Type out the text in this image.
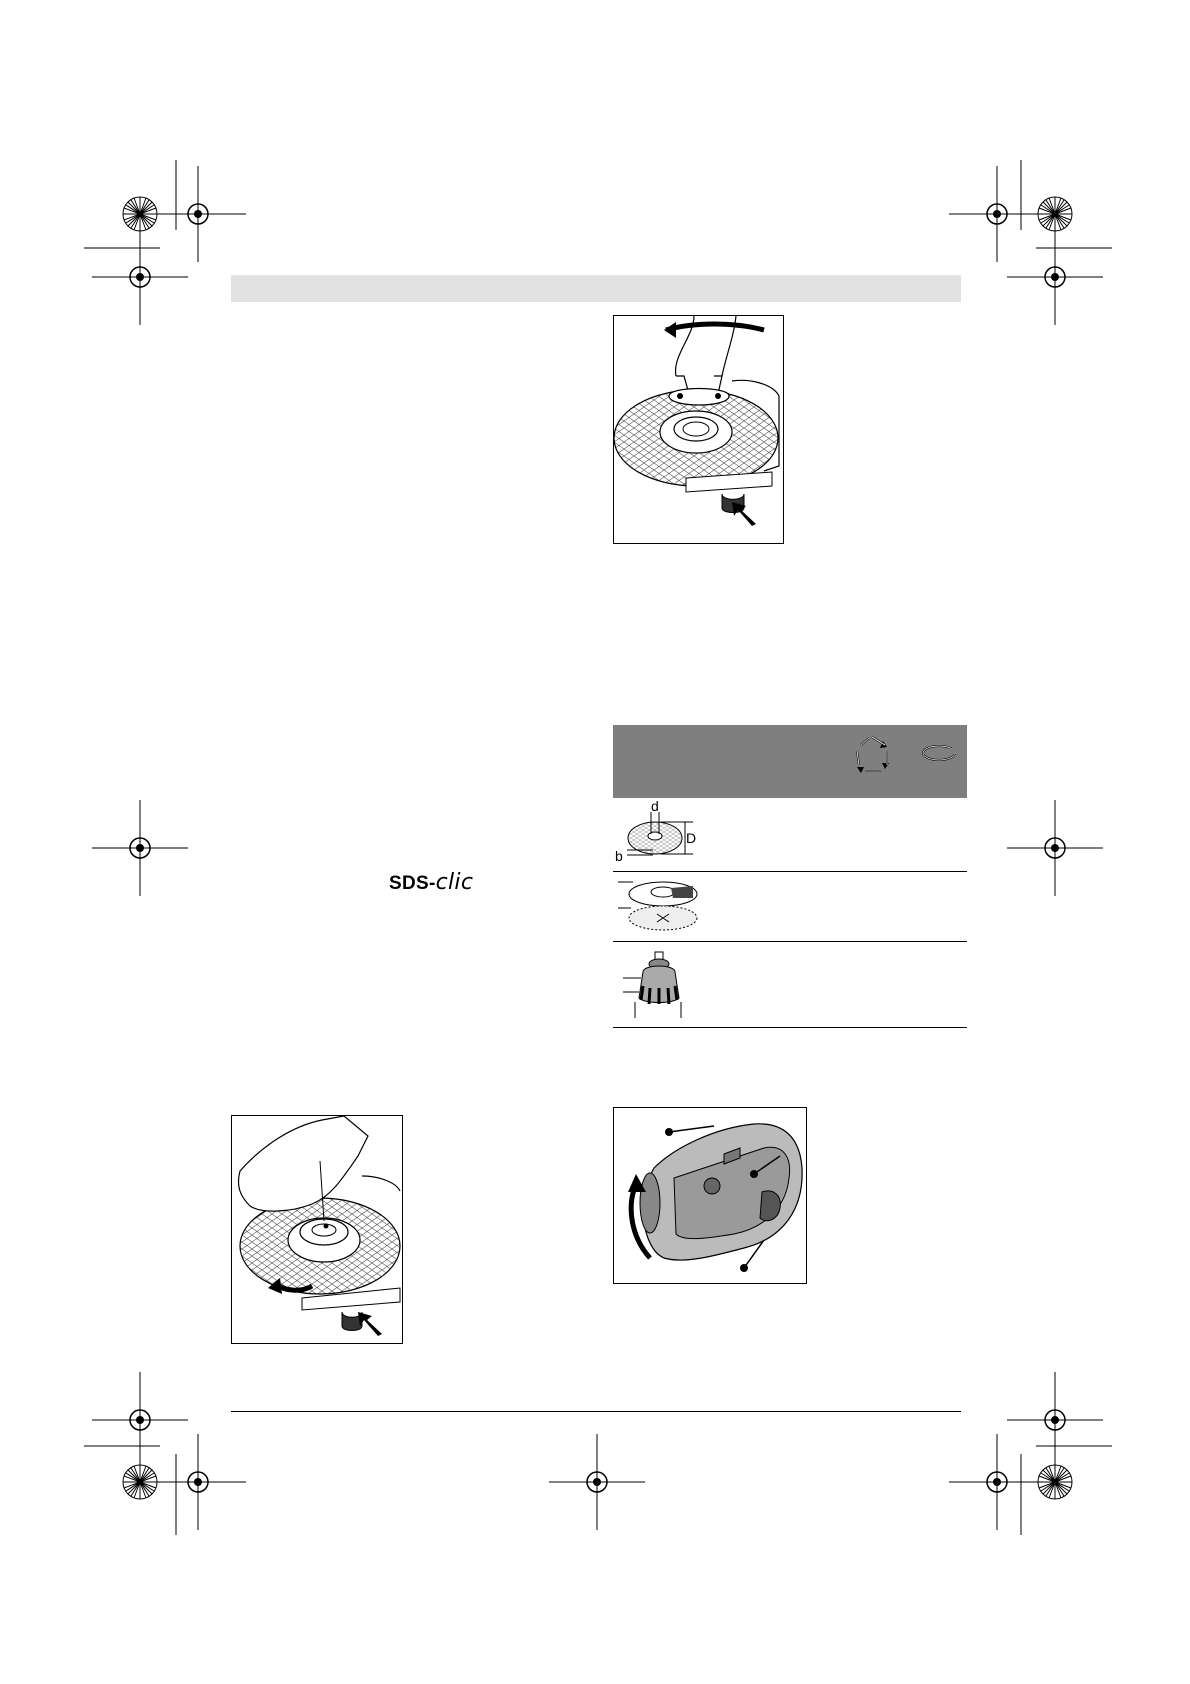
SDS-clic
d
D
b
